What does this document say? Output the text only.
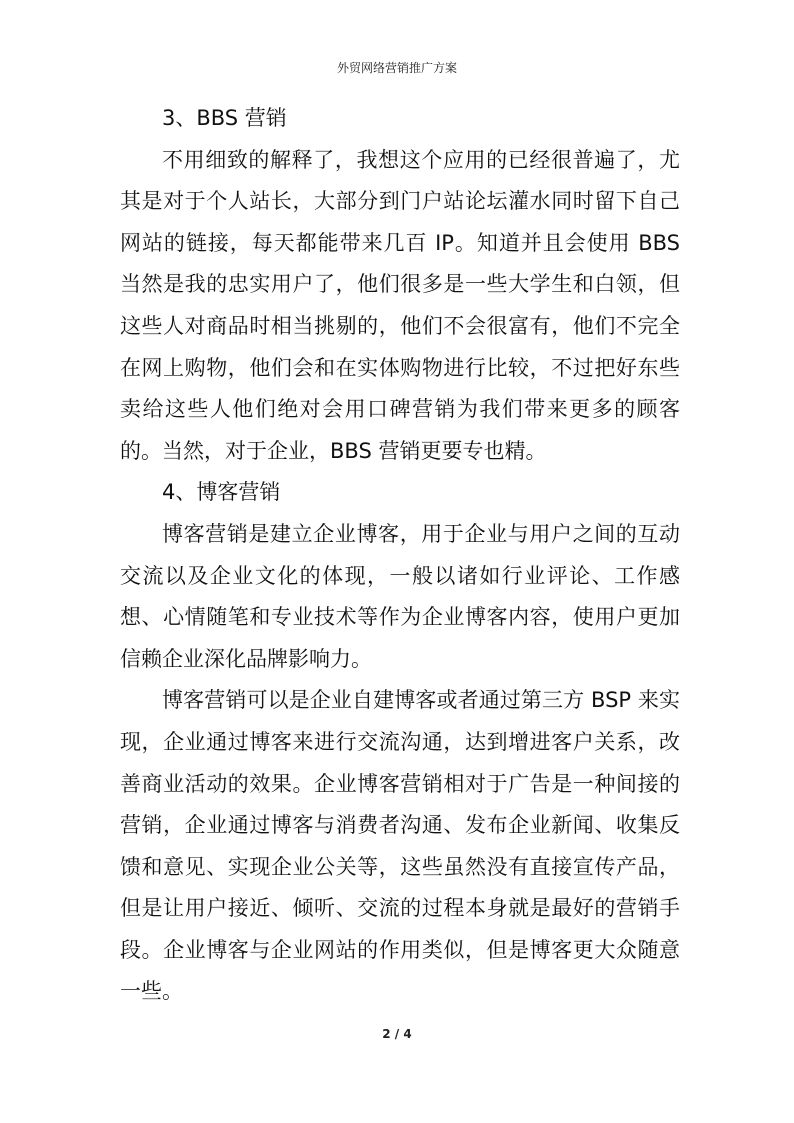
外贸网络营销推广方案

3、BBS 营销

不用细致的解释了，我想这个应用的已经很普遍了，尤其是对于个人站长，大部分到门户站论坛灌水同时留下自己网站的链接，每天都能带来几百 IP。知道并且会使用 BBS 当然是我的忠实用户了，他们很多是一些大学生和白领，但这些人对商品时相当挑剔的，他们不会很富有，他们不完全在网上购物，他们会和在实体购物进行比较，不过把好东些卖给这些人他们绝对会用口碑营销为我们带来更多的顾客的。当然，对于企业，BBS 营销更要专也精。

4、博客营销

博客营销是建立企业博客，用于企业与用户之间的互动交流以及企业文化的体现，一般以诸如行业评论、工作感想、心情随笔和专业技术等作为企业博客内容，使用户更加信赖企业深化品牌影响力。

博客营销可以是企业自建博客或者通过第三方 BSP 来实现，企业通过博客来进行交流沟通，达到增进客户关系，改善商业活动的效果。企业博客营销相对于广告是一种间接的营销，企业通过博客与消费者沟通、发布企业新闻、收集反馈和意见、实现企业公关等，这些虽然没有直接宣传产品，但是让用户接近、倾听、交流的过程本身就是最好的营销手段。企业博客与企业网站的作用类似，但是博客更大众随意一些。

2 / 4
